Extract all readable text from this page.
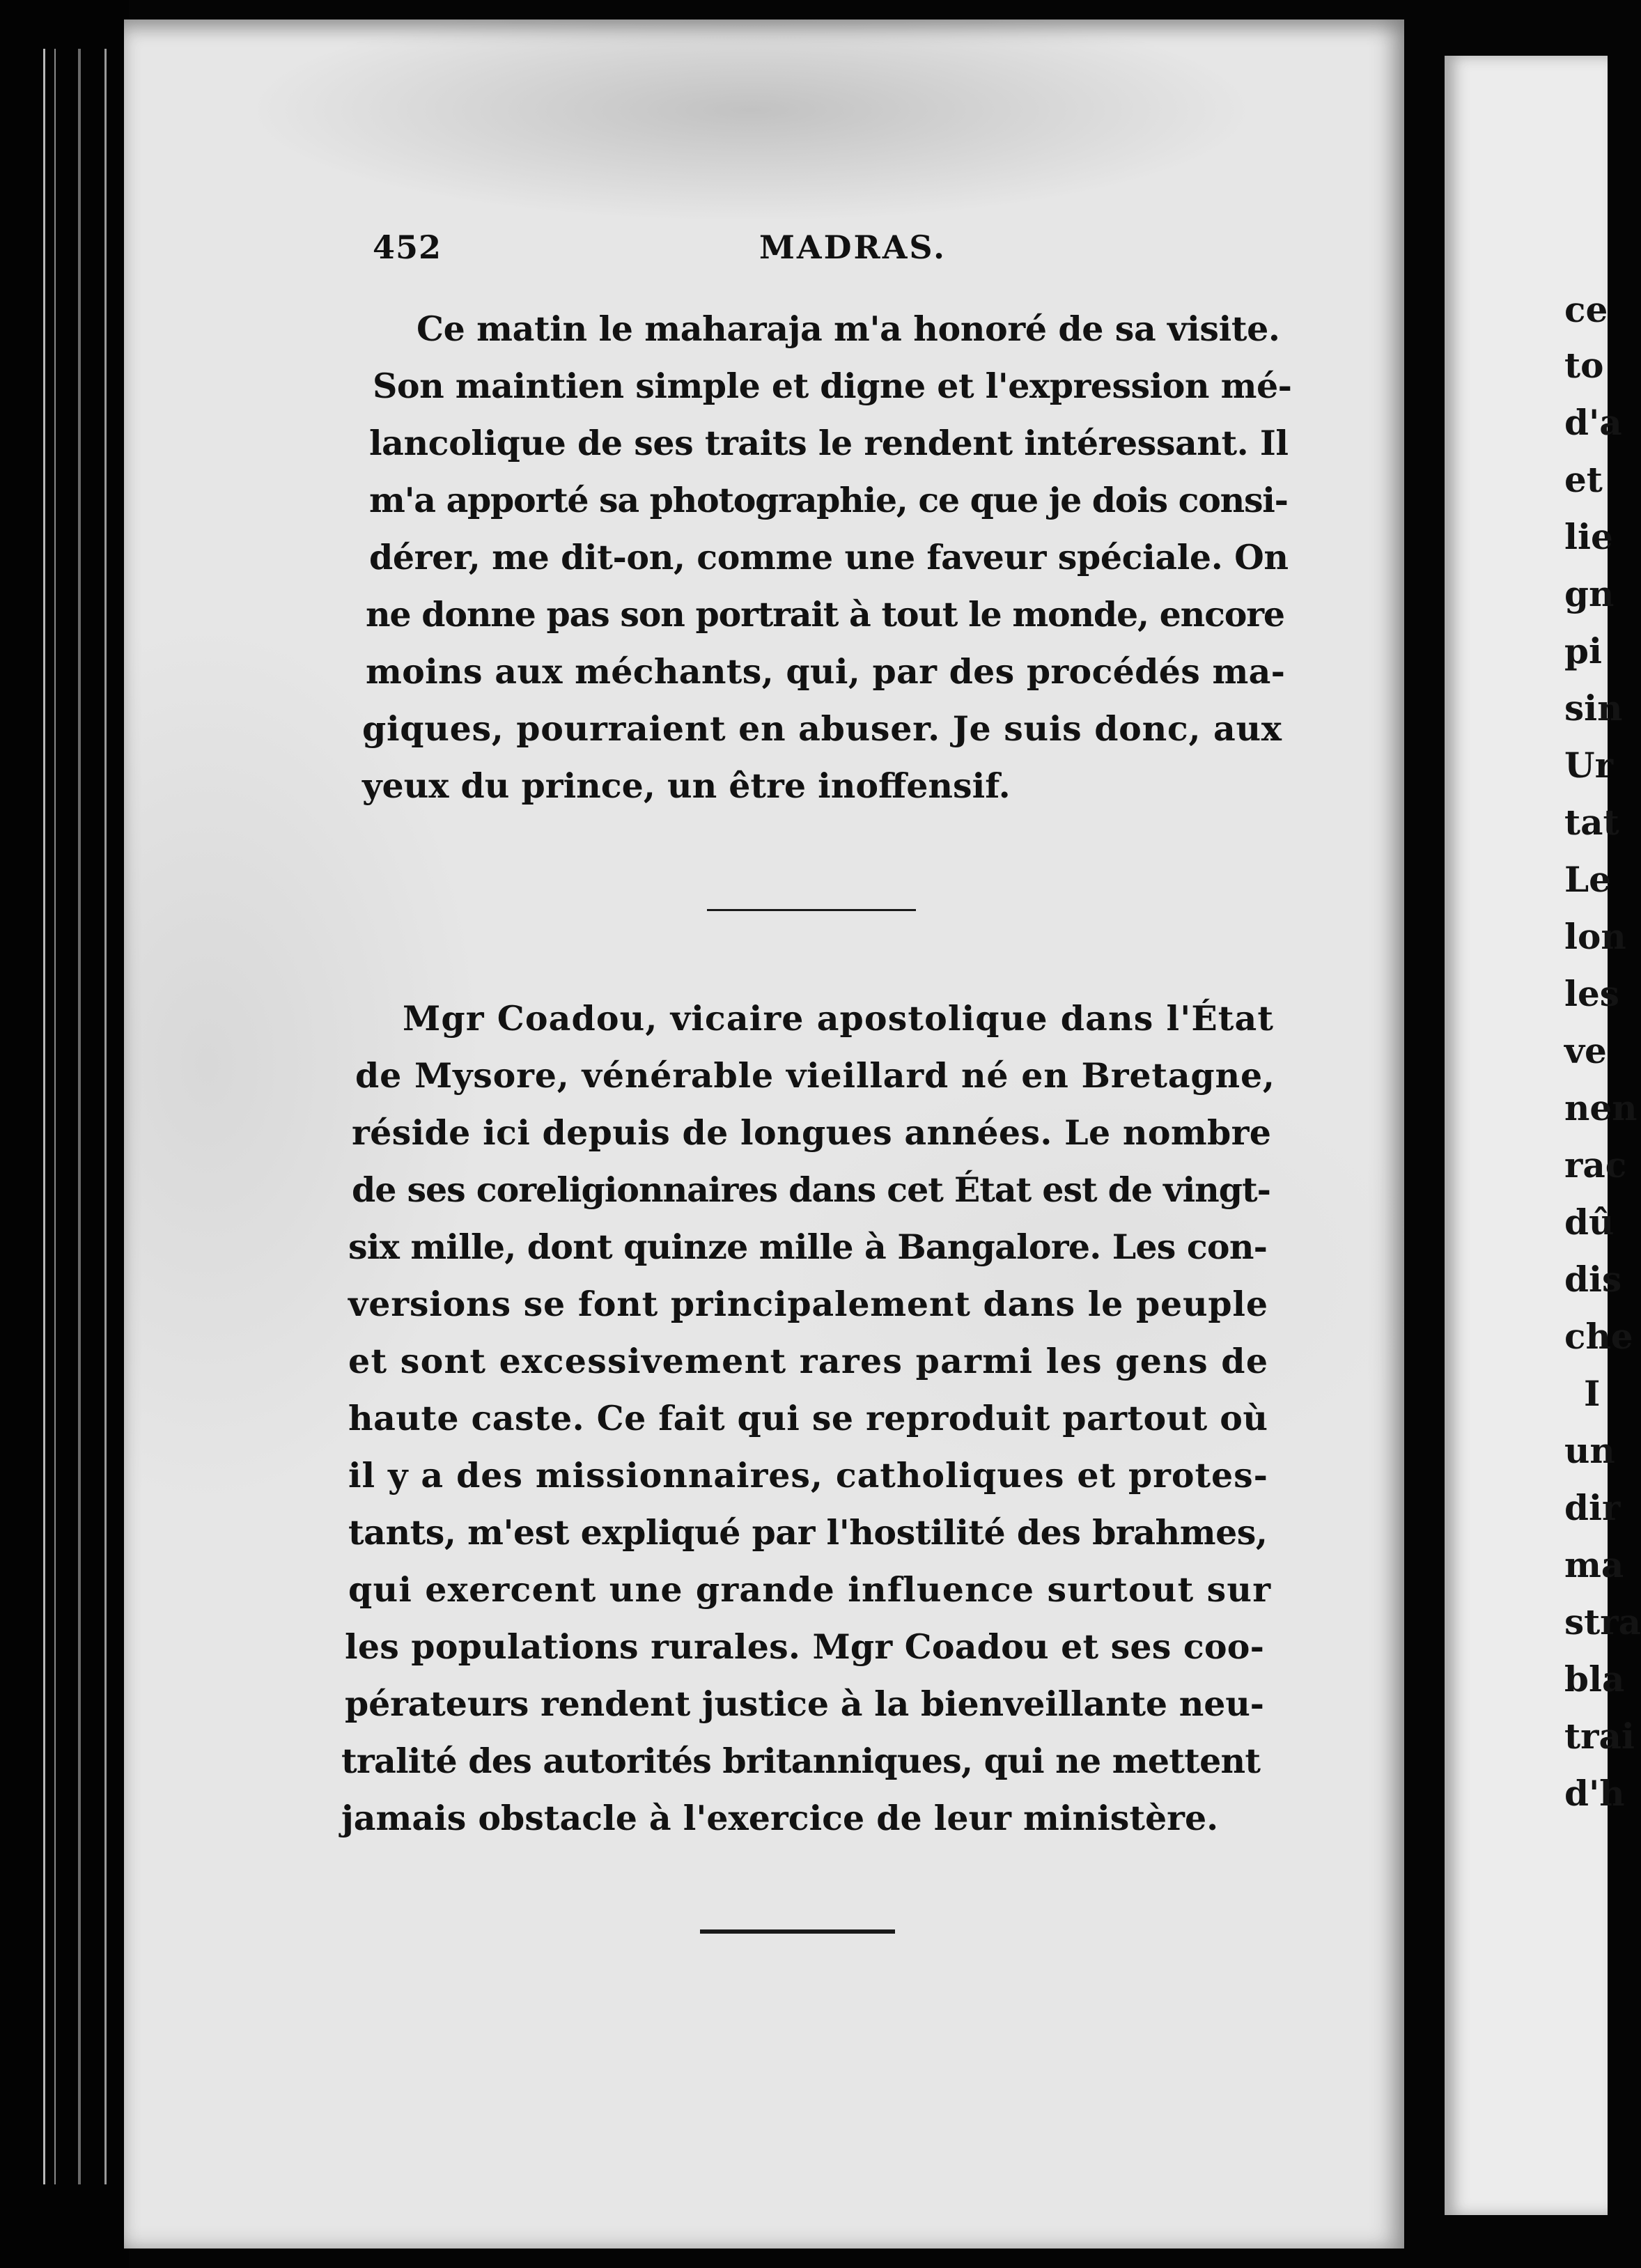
ce
to
d'a
et
lie
gn
pi
sin
Ur
tat
Le
lon
les
ve
nen
rac
dû
dis
che
I
un
dir
ma
stra
bla
trai
d'h
452	MADRAS.
Ce matin le maharaja m'a honoré de sa visite.
Son maintien simple et digne et l'expression mé-
lancolique de ses traits le rendent intéressant. Il
m'a apporté sa photographie, ce que je dois consi-
dérer, me dit-on, comme une faveur spéciale. On
ne donne pas son portrait à tout le monde, encore
moins aux méchants, qui, par des procédés ma-
giques, pourraient en abuser. Je suis donc, aux
yeux du prince, un être inoffensif.
Mgr Coadou, vicaire apostolique dans l'État
de Mysore, vénérable vieillard né en Bretagne,
réside ici depuis de longues années. Le nombre
de ses coreligionnaires dans cet État est de vingt-
six mille, dont quinze mille à Bangalore. Les con-
versions se font principalement dans le peuple
et sont excessivement rares parmi les gens de
haute caste. Ce fait qui se reproduit partout où
il y a des missionnaires, catholiques et protes-
tants, m'est expliqué par l'hostilité des brahmes,
qui exercent une grande influence surtout sur
les populations rurales. Mgr Coadou et ses coo-
pérateurs rendent justice à la bienveillante neu-
tralité des autorités britanniques, qui ne mettent
jamais obstacle à l'exercice de leur ministère.
